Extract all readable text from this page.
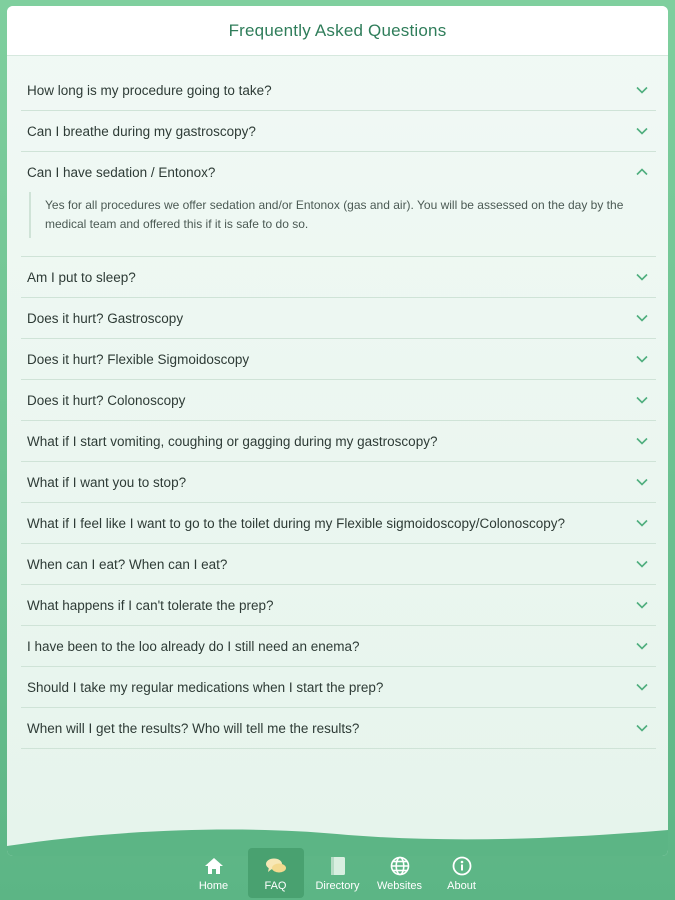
Frequently Asked Questions
How long is my procedure going to take?
Can I breathe during my gastroscopy?
Can I have sedation / Entonox?

Yes for all procedures we offer sedation and/or Entonox (gas and air). You will be assessed on the day by the medical team and offered this if it is safe to do so.

Am I put to sleep?
Does it hurt? Gastroscopy
Does it hurt? Flexible Sigmoidoscopy
Does it hurt? Colonoscopy
What if I start vomiting, coughing or gagging during my gastroscopy?
What if I want you to stop?
What if I feel like I want to go to the toilet during my Flexible sigmoidoscopy/Colonoscopy?
When can I eat? When can I eat?
What happens if I can't tolerate the prep?
I have been to the loo already do I still need an enema?
Should I take my regular medications when I start the prep?
When will I get the results? Who will tell me the results?
Home	FAQ	Directory Websites About
